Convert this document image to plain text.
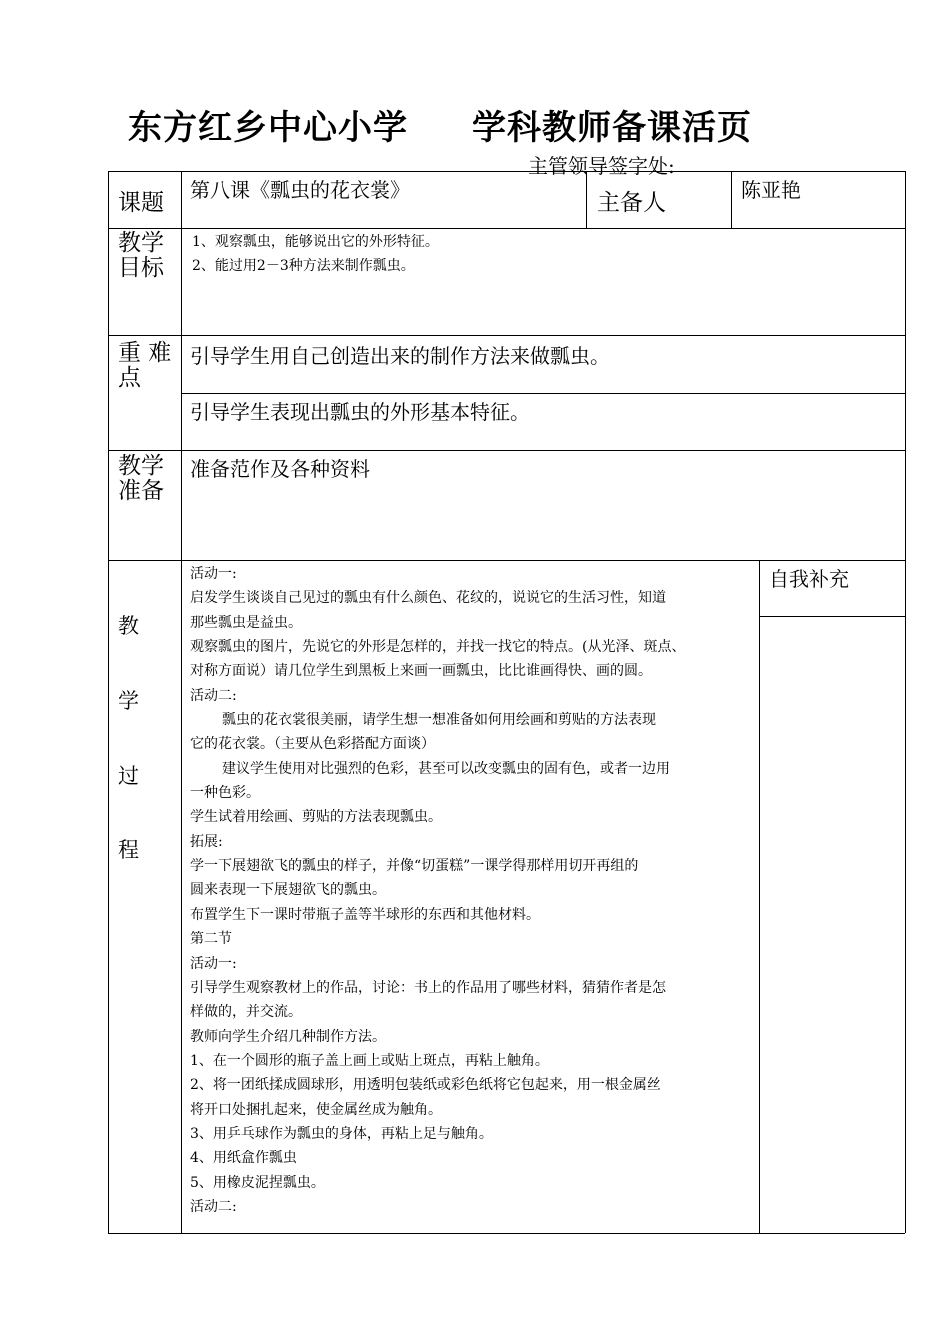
东方红乡中心小学 学科教师备课活页
主管领导签字处:
课题 第八课《瓢虫的花衣裳》	主备人	陈亚艳
教学
目标
1、观察瓢虫，能够说出它的外形特征。
2、能过用2－3种方法来制作瓢虫。
重 难
点
引导学生用自己创造出来的制作方法来做瓢虫。
引导学生表现出瓢虫的外形基本特征。
教学
准备
准备范作及各种资料
教
学
过
程
自我补充
活动一:
启发学生谈谈自己见过的瓢虫有什么颜色、花纹的，说说它的生活习性，知道
那些瓢虫是益虫。
观察瓢虫的图片，先说它的外形是怎样的，并找一找它的特点。(从光泽、斑点、
对称方面说）请几位学生到黑板上来画一画瓢虫，比比谁画得快、画的圆。
活动二:
瓢虫的花衣裳很美丽，请学生想一想准备如何用绘画和剪贴的方法表现
它的花衣裳。（主要从色彩搭配方面谈）
建议学生使用对比强烈的色彩，甚至可以改变瓢虫的固有色，或者一边用
一种色彩。
学生试着用绘画、剪贴的方法表现瓢虫。
拓展:
学一下展翅欲飞的瓢虫的样子，并像“切蛋糕”一课学得那样用切开再组的
圆来表现一下展翅欲飞的瓢虫。
布置学生下一课时带瓶子盖等半球形的东西和其他材料。
第二节
活动一:
引导学生观察教材上的作品，讨论：书上的作品用了哪些材料，猜猜作者是怎
样做的，并交流。
教师向学生介绍几种制作方法。
1、在一个圆形的瓶子盖上画上或贴上斑点，再粘上触角。
2、将一团纸揉成圆球形，用透明包装纸或彩色纸将它包起来，用一根金属丝
将开口处捆扎起来，使金属丝成为触角。
3、用乒乓球作为瓢虫的身体，再粘上足与触角。
4、用纸盒作瓢虫
5、用橡皮泥捏瓢虫。
活动二:
